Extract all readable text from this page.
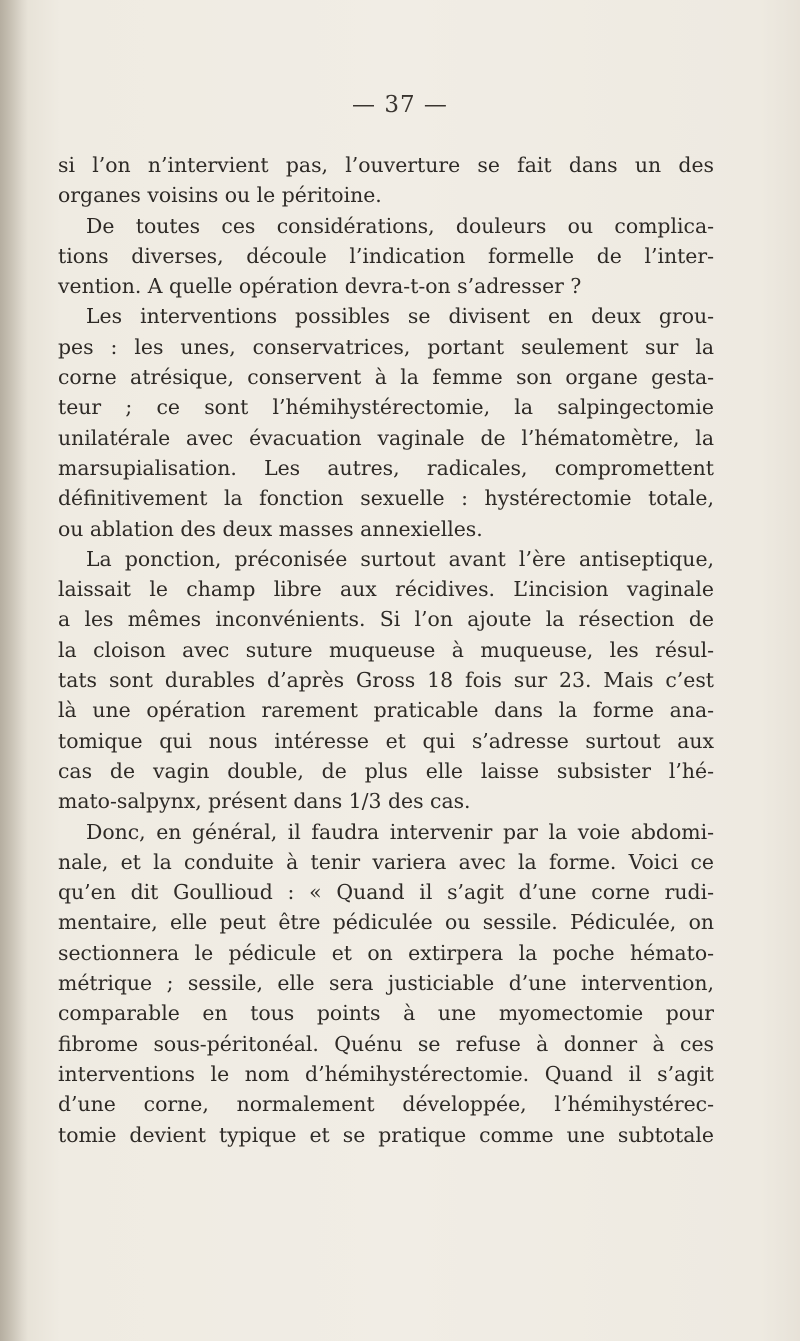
— 37 —
si l’on n’intervient pas, l’ouverture se fait dans un des
organes voisins ou le péritoine.
De toutes ces considérations, douleurs ou complica-
tions diverses, découle l’indication formelle de l’inter-
vention. A quelle opération devra-t-on s’adresser ?
Les interventions possibles se divisent en deux grou-
pes : les unes, conservatrices, portant seulement sur la
corne atrésique, conservent à la femme son organe gesta-
teur ; ce sont l’hémihystérectomie, la salpingectomie
unilatérale avec évacuation vaginale de l’hématomètre, la
marsupialisation. Les autres, radicales, compromettent
définitivement la fonction sexuelle : hystérectomie totale,
ou ablation des deux masses annexielles.
La ponction, préconisée surtout avant l’ère antiseptique,
laissait le champ libre aux récidives. L’incision vaginale
a les mêmes inconvénients. Si l’on ajoute la résection de
la cloison avec suture muqueuse à muqueuse, les résul-
tats sont durables d’après Gross 18 fois sur 23. Mais c’est
là une opération rarement praticable dans la forme ana-
tomique qui nous intéresse et qui s’adresse surtout aux
cas de vagin double, de plus elle laisse subsister l’hé-
mato-salpynx, présent dans 1/3 des cas.
Donc, en général, il faudra intervenir par la voie abdomi-
nale, et la conduite à tenir variera avec la forme. Voici ce
qu’en dit Goullioud : « Quand il s’agit d’une corne rudi-
mentaire, elle peut être pédiculée ou sessile. Pédiculée, on
sectionnera le pédicule et on extirpera la poche hémato-
métrique ; sessile, elle sera justiciable d’une intervention,
comparable en tous points à une myomectomie pour
fibrome sous-péritonéal. Quénu se refuse à donner à ces
interventions le nom d’hémihystérectomie. Quand il s’agit
d’une corne, normalement développée, l’hémihystérec-
tomie devient typique et se pratique comme une subtotale
